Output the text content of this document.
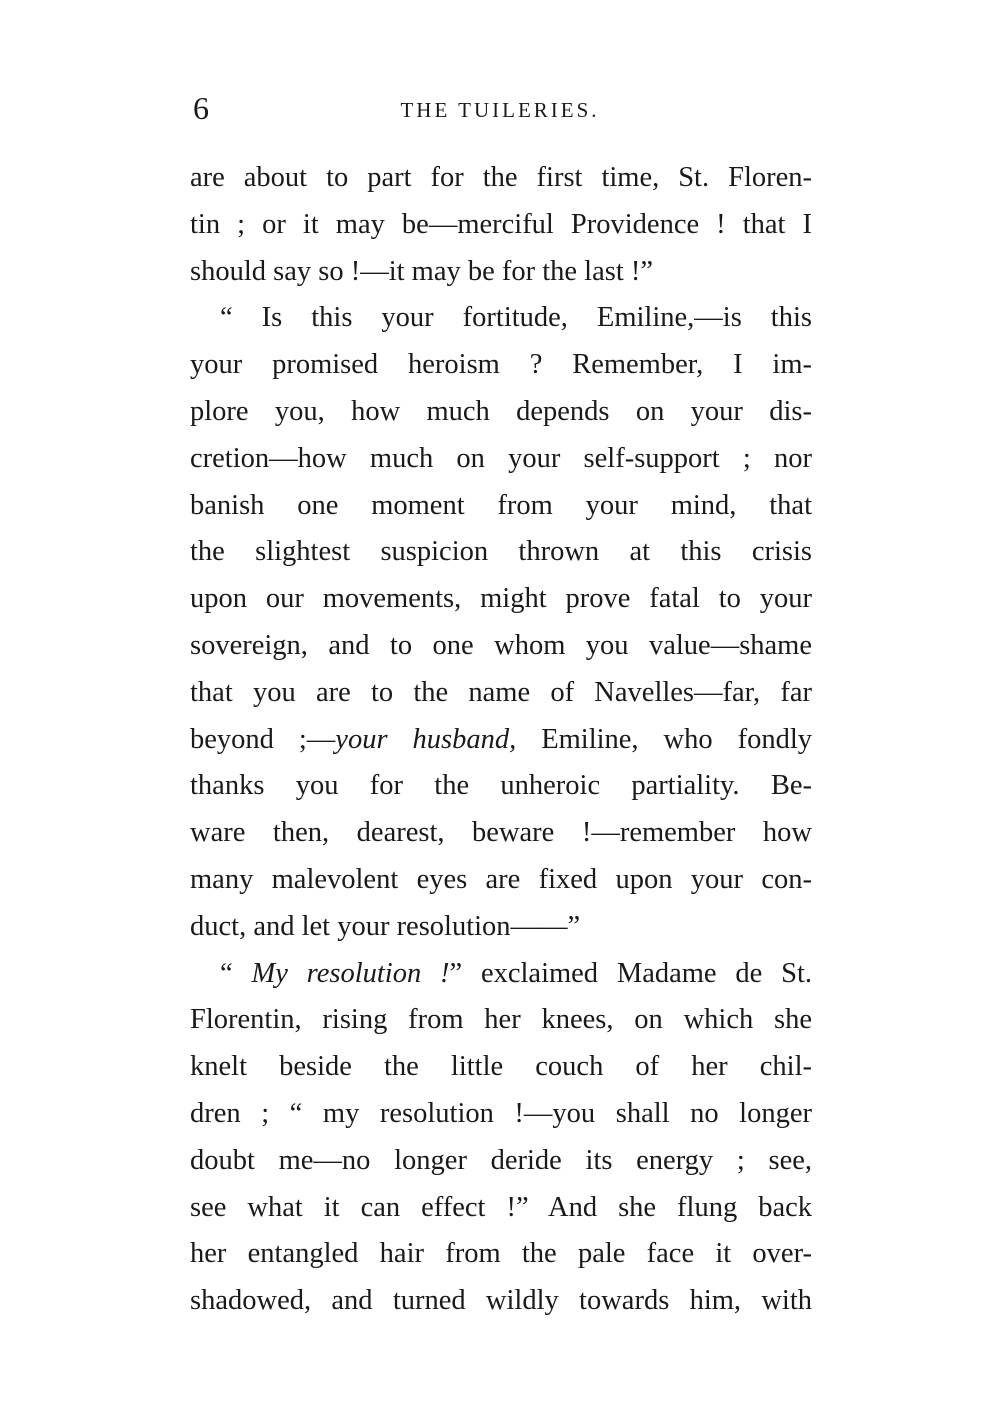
6	THE TUILERIES.
are about to part for the first time, St. Floren-
tin ; or it may be—merciful Providence ! that I
should say so !—it may be for the last !”
“ Is this your fortitude, Emiline,—is this
your promised heroism ? Remember, I im-
plore you, how much depends on your dis-
cretion—how much on your self-support ; nor
banish one moment from your mind, that
the slightest suspicion thrown at this crisis
upon our movements, might prove fatal to your
sovereign, and to one whom you value—shame
that you are to the name of Navelles—far, far
beyond ;—your husband, Emiline, who fondly
thanks you for the unheroic partiality. Be-
ware then, dearest, beware !—remember how
many malevolent eyes are fixed upon your con-
duct, and let your resolution——”
“ My resolution !” exclaimed Madame de St.
Florentin, rising from her knees, on which she
knelt beside the little couch of her chil-
dren ; “ my resolution !—you shall no longer
doubt me—no longer deride its energy ; see,
see what it can effect !” And she flung back
her entangled hair from the pale face it over-
shadowed, and turned wildly towards him, with
